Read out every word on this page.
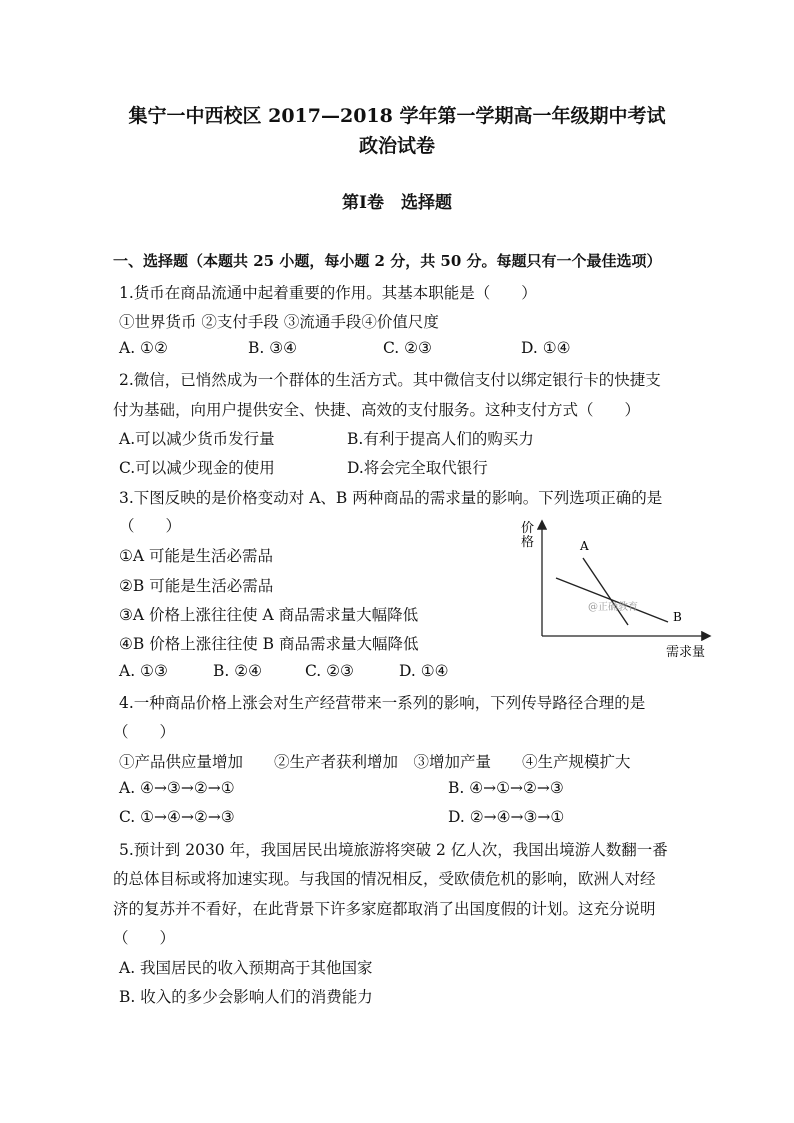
集宁一中西校区 2017—2018 学年第一学期高一年级期中考试
政治试卷
第Ⅰ卷　选择题
一、选择题（本题共 25 小题，每小题 2 分，共 50 分。每题只有一个最佳选项）
1.货币在商品流通中起着重要的作用。其基本职能是（　　）
①世界货币 ②支付手段 ③流通手段④价值尺度
A. ①②	B. ③④	C. ②③	D. ①④
2.微信，已悄然成为一个群体的生活方式。其中微信支付以绑定银行卡的快捷支
付为基础，向用户提供安全、快捷、高效的支付服务。这种支付方式（　　）
A.可以减少货币发行量	B.有利于提高人们的购买力
C.可以减少现金的使用	D.将会完全取代银行
3.下图反映的是价格变动对 A、B 两种商品的需求量的影响。下列选项正确的是
（　　）
①A 可能是生活必需品
②B 可能是生活必需品
③A 价格上涨往往使 A 商品需求量大幅降低
④B 价格上涨往往使 B 商品需求量大幅降低
A. ①③	B. ②④	C. ②③	D. ①④
价
格	A
B
@正确教育
需求量
4.一种商品价格上涨会对生产经营带来一系列的影响，下列传导路径合理的是
（　　）
①产品供应量增加　　②生产者获利增加　③增加产量　　④生产规模扩大
A. ④→③→②→①	B. ④→①→②→③
C. ①→④→②→③	D. ②→④→③→①
5.预计到 2030 年，我国居民出境旅游将突破 2 亿人次，我国出境游人数翻一番
的总体目标或将加速实现。与我国的情况相反，受欧债危机的影响，欧洲人对经
济的复苏并不看好，在此背景下许多家庭都取消了出国度假的计划。这充分说明
（　　）
A. 我国居民的收入预期高于其他国家
B. 收入的多少会影响人们的消费能力
